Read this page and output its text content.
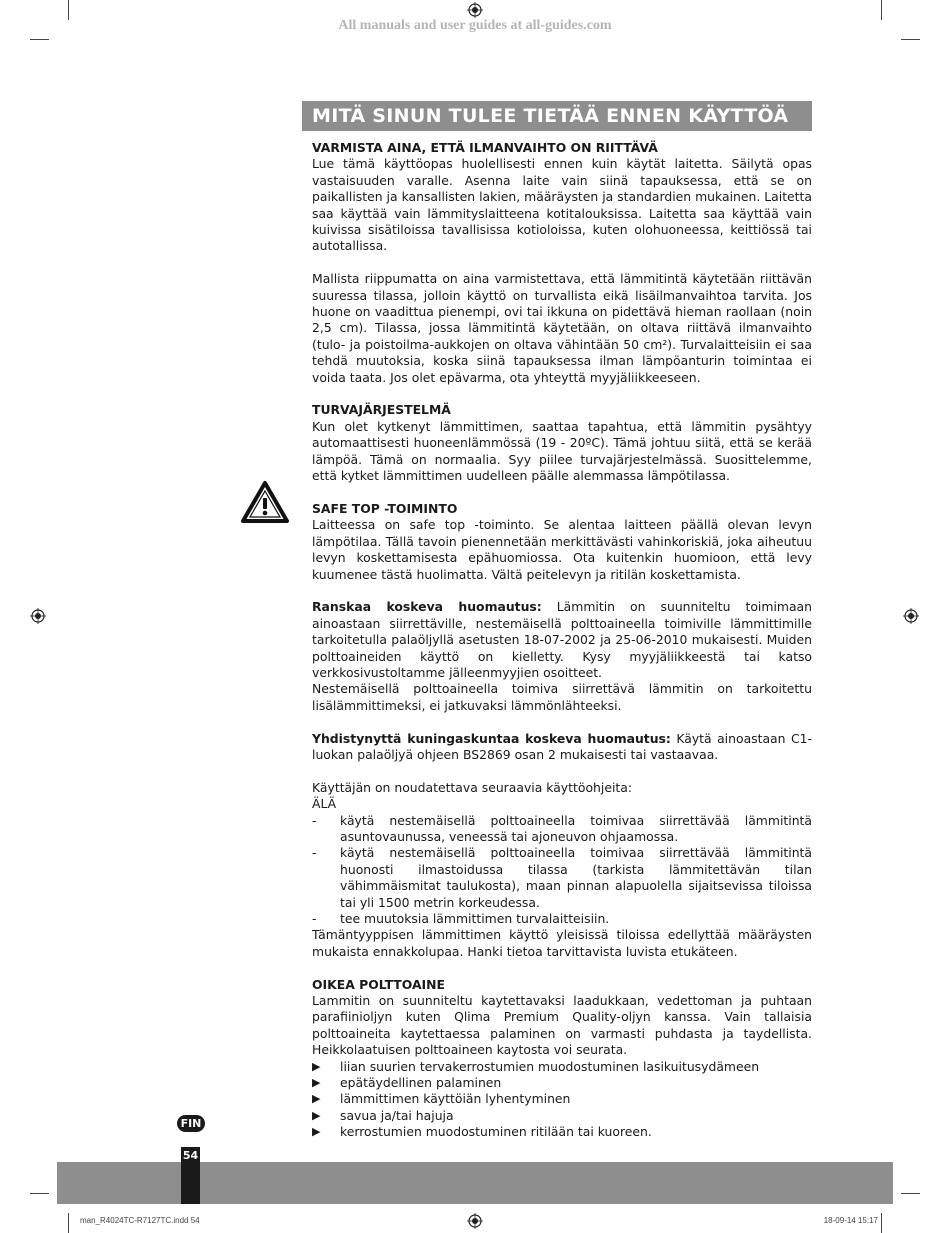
All manuals and user guides at all-guides.com
MITÄ SINUN TULEE TIETÄÄ ENNEN KÄYTTÖÄ
VARMISTA AINA, ETTÄ ILMANVAIHTO ON RIITTÄVÄ

Lue tämä käyttöopas huolellisesti ennen kuin käytät laitetta. Säilytä opas vastaisuuden varalle. Asenna laite vain siinä tapauksessa, että se on paikallisten ja kansallisten lakien, määräysten ja standardien mukainen. Laitetta saa käyttää vain lämmityslaitteena kotitalouksissa. Laitetta saa käyttää vain kuivissa sisätiloissa tavallisissa kotioloissa, kuten olohuoneessa, keittiössä tai autotallissa.

Mallista riippumatta on aina varmistettava, että lämmitintä käytetään riittävän suuressa tilassa, jolloin käyttö on turvallista eikä lisäilmanvaihtoa tarvita. Jos huone on vaadittua pienempi, ovi tai ikkuna on pidettävä hieman raollaan (noin 2,5 cm). Tilassa, jossa lämmitintä käytetään, on oltava riittävä ilmanvaihto (tulo- ja poistoilma-aukkojen on oltava vähintään 50 cm²). Turvalaitteisiin ei saa tehdä muutoksia, koska siinä tapauksessa ilman lämpöanturin toimintaa ei voida taata. Jos olet epävarma, ota yhteyttä myyjäliikkeeseen.

TURVAJÄRJESTELMÄ

Kun olet kytkenyt lämmittimen, saattaa tapahtua, että lämmitin pysähtyy automaattisesti huoneenlämmössä (19 - 20ºC). Tämä johtuu siitä, että se kerää lämpöä. Tämä on normaalia. Syy piilee turvajärjestelmässä. Suosittelemme, että kytket lämmittimen uudelleen päälle alemmassa lämpötilassa.

SAFE TOP -TOIMINTO

Laitteessa on safe top -toiminto. Se alentaa laitteen päällä olevan levyn lämpötilaa. Tällä tavoin pienennetään merkittävästi vahinkoriskiä, joka aiheutuu levyn koskettamisesta epähuomiossa. Ota kuitenkin huomioon, että levy kuumenee tästä huolimatta. Vältä peitelevyn ja ritilän koskettamista.

Ranskaa koskeva huomautus: Lämmitin on suunniteltu toimimaan ainoastaan siirrettäville, nestemäisellä polttoaineella toimiville lämmittimille tarkoitetulla palaöljyllä asetusten 18-07-2002 ja 25-06-2010 mukaisesti. Muiden polttoaineiden käyttö on kielletty. Kysy myyjäliikkeestä tai katso verkkosivustoltamme jälleenmyyjien osoitteet.

Nestemäisellä polttoaineella toimiva siirrettävä lämmitin on tarkoitettu lisälämmittimeksi, ei jatkuvaksi lämmönlähteeksi.

Yhdistynyttä kuningaskuntaa koskeva huomautus: Käytä ainoastaan C1-luokan palaöljyä ohjeen BS2869 osan 2 mukaisesti tai vastaavaa.

Käyttäjän on noudatettava seuraavia käyttöohjeita:

ÄLÄ

- käytä nestemäisellä polttoaineella toimivaa siirrettävää lämmitintä asuntovaunussa, veneessä tai ajoneuvon ohjaamossa.
- käytä nestemäisellä polttoaineella toimivaa siirrettävää lämmitintä huonosti ilmastoidussa tilassa (tarkista lämmitettävän tilan vähimmäismitat taulukosta), maan pinnan alapuolella sijaitsevissa tiloissa tai yli 1500 metrin korkeudessa.
- tee muutoksia lämmittimen turvalaitteisiin.

Tämäntyyppisen lämmittimen käyttö yleisissä tiloissa edellyttää määräysten mukaista ennakkolupaa. Hanki tietoa tarvittavista luvista etukäteen.

OIKEA POLTTOAINE

Lammitin on suunniteltu kaytettavaksi laadukkaan, vedettoman ja puhtaan parafiinioljyn kuten Qlima Premium Quality-oljyn kanssa. Vain tallaisia polttoaineita kaytettaessa palaminen on varmasti puhdasta ja taydellista. Heikkolaatuisen polttoaineen kaytosta voi seurata.

▶ liian suurien tervakerrostumien muodostuminen lasikuitusydämeen
▶ epätäydellinen palaminen
▶ lämmittimen käyttöiän lyhentyminen
▶ savua ja/tai hajuja
▶ kerrostumien muodostuminen ritilään tai kuoreen.
FIN
54
man_R4024TC-R7127TC.indd 54	18-09-14 15:17
